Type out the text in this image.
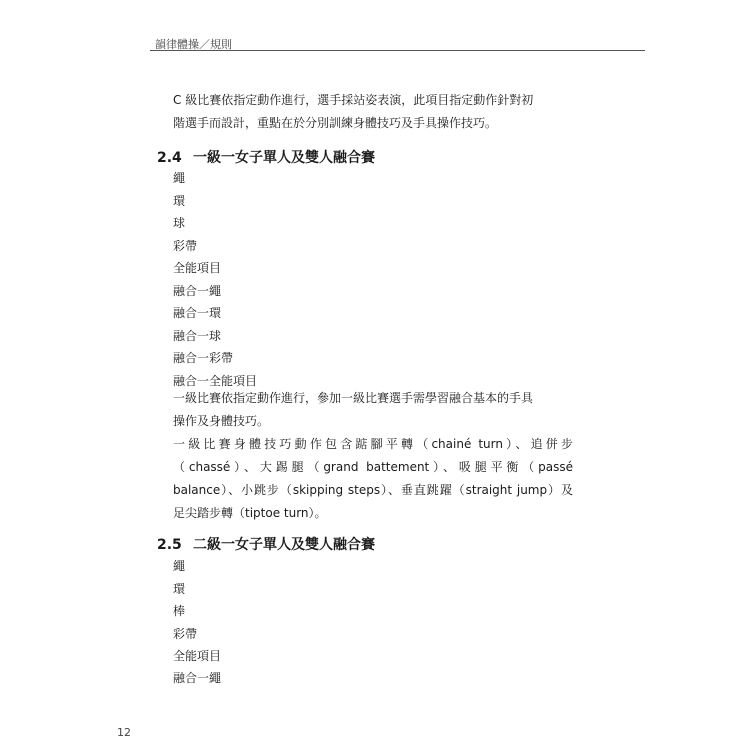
韻律體操／規則
C 級比賽依指定動作進行，選手採站姿表演，此項目指定動作針對初
階選手而設計，重點在於分別訓練身體技巧及手具操作技巧。
2.4 一級一女子單人及雙人融合賽
繩
環
球
彩帶
全能項目
融合一繩
融合一環
融合一球
融合一彩帶
融合一全能項目
一級比賽依指定動作進行，參加一級比賽選手需學習融合基本的手具
操作及身體技巧。
一級比賽身體技巧動作包含踮腳平轉（chainé turn）、追併步
（chassé）、大踢腿（grand battement）、吸腿平衡（passé
balance）、小跳步（skipping steps）、垂直跳躍（straight jump）及
足尖踏步轉（tiptoe turn）。
2.5 二級一女子單人及雙人融合賽
繩
環
棒
彩帶
全能項目
融合一繩
12
